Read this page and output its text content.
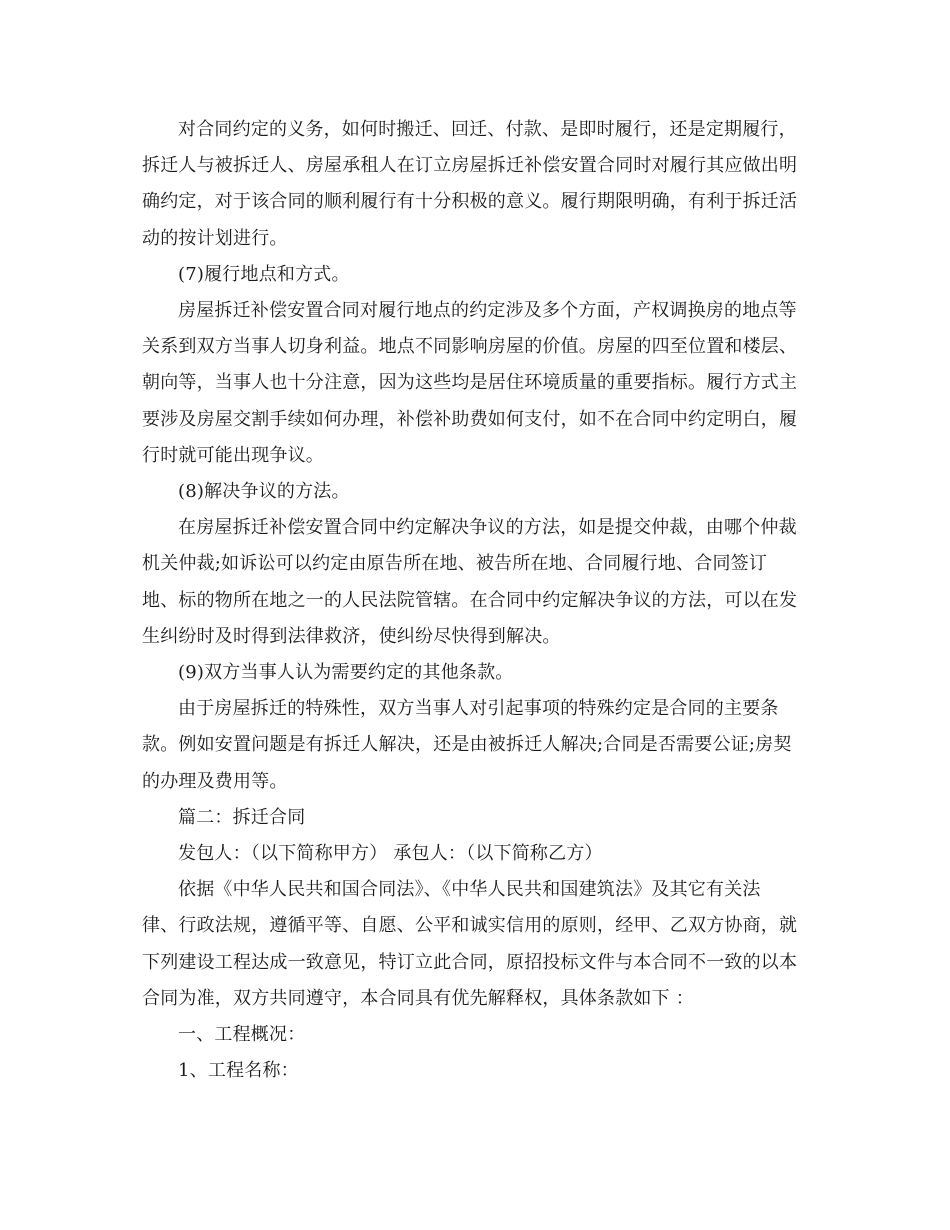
对合同约定的义务，如何时搬迁、回迁、付款、是即时履行，还是定期履行，
拆迁人与被拆迁人、房屋承租人在订立房屋拆迁补偿安置合同时对履行其应做出明
确约定，对于该合同的顺利履行有十分积极的意义。履行期限明确，有利于拆迁活
动的按计划进行。

(7)履行地点和方式。

房屋拆迁补偿安置合同对履行地点的约定涉及多个方面，产权调换房的地点等
关系到双方当事人切身利益。地点不同影响房屋的价值。房屋的四至位置和楼层、
朝向等，当事人也十分注意，因为这些均是居住环境质量的重要指标。履行方式主
要涉及房屋交割手续如何办理，补偿补助费如何支付，如不在合同中约定明白，履
行时就可能出现争议。

(8)解决争议的方法。

在房屋拆迁补偿安置合同中约定解决争议的方法，如是提交仲裁，由哪个仲裁
机关仲裁;如诉讼可以约定由原告所在地、被告所在地、合同履行地、合同签订
地、标的物所在地之一的人民法院管辖。在合同中约定解决争议的方法，可以在发
生纠纷时及时得到法律救济，使纠纷尽快得到解决。

(9)双方当事人认为需要约定的其他条款。

由于房屋拆迁的特殊性，双方当事人对引起事项的特殊约定是合同的主要条
款。例如安置问题是有拆迁人解决，还是由被拆迁人解决;合同是否需要公证;房契
的办理及费用等。

篇二：拆迁合同

发包人：（以下简称甲方） 承包人：（以下简称乙方）

依据《中华人民共和国合同法》、《中华人民共和国建筑法》及其它有关法
律、行政法规，遵循平等、自愿、公平和诚实信用的原则，经甲、乙双方协商，就
下列建设工程达成一致意见，特订立此合同，原招投标文件与本合同不一致的以本
合同为准，双方共同遵守，本合同具有优先解释权，具体条款如下 ：

一、工程概况：

1、工程名称：
